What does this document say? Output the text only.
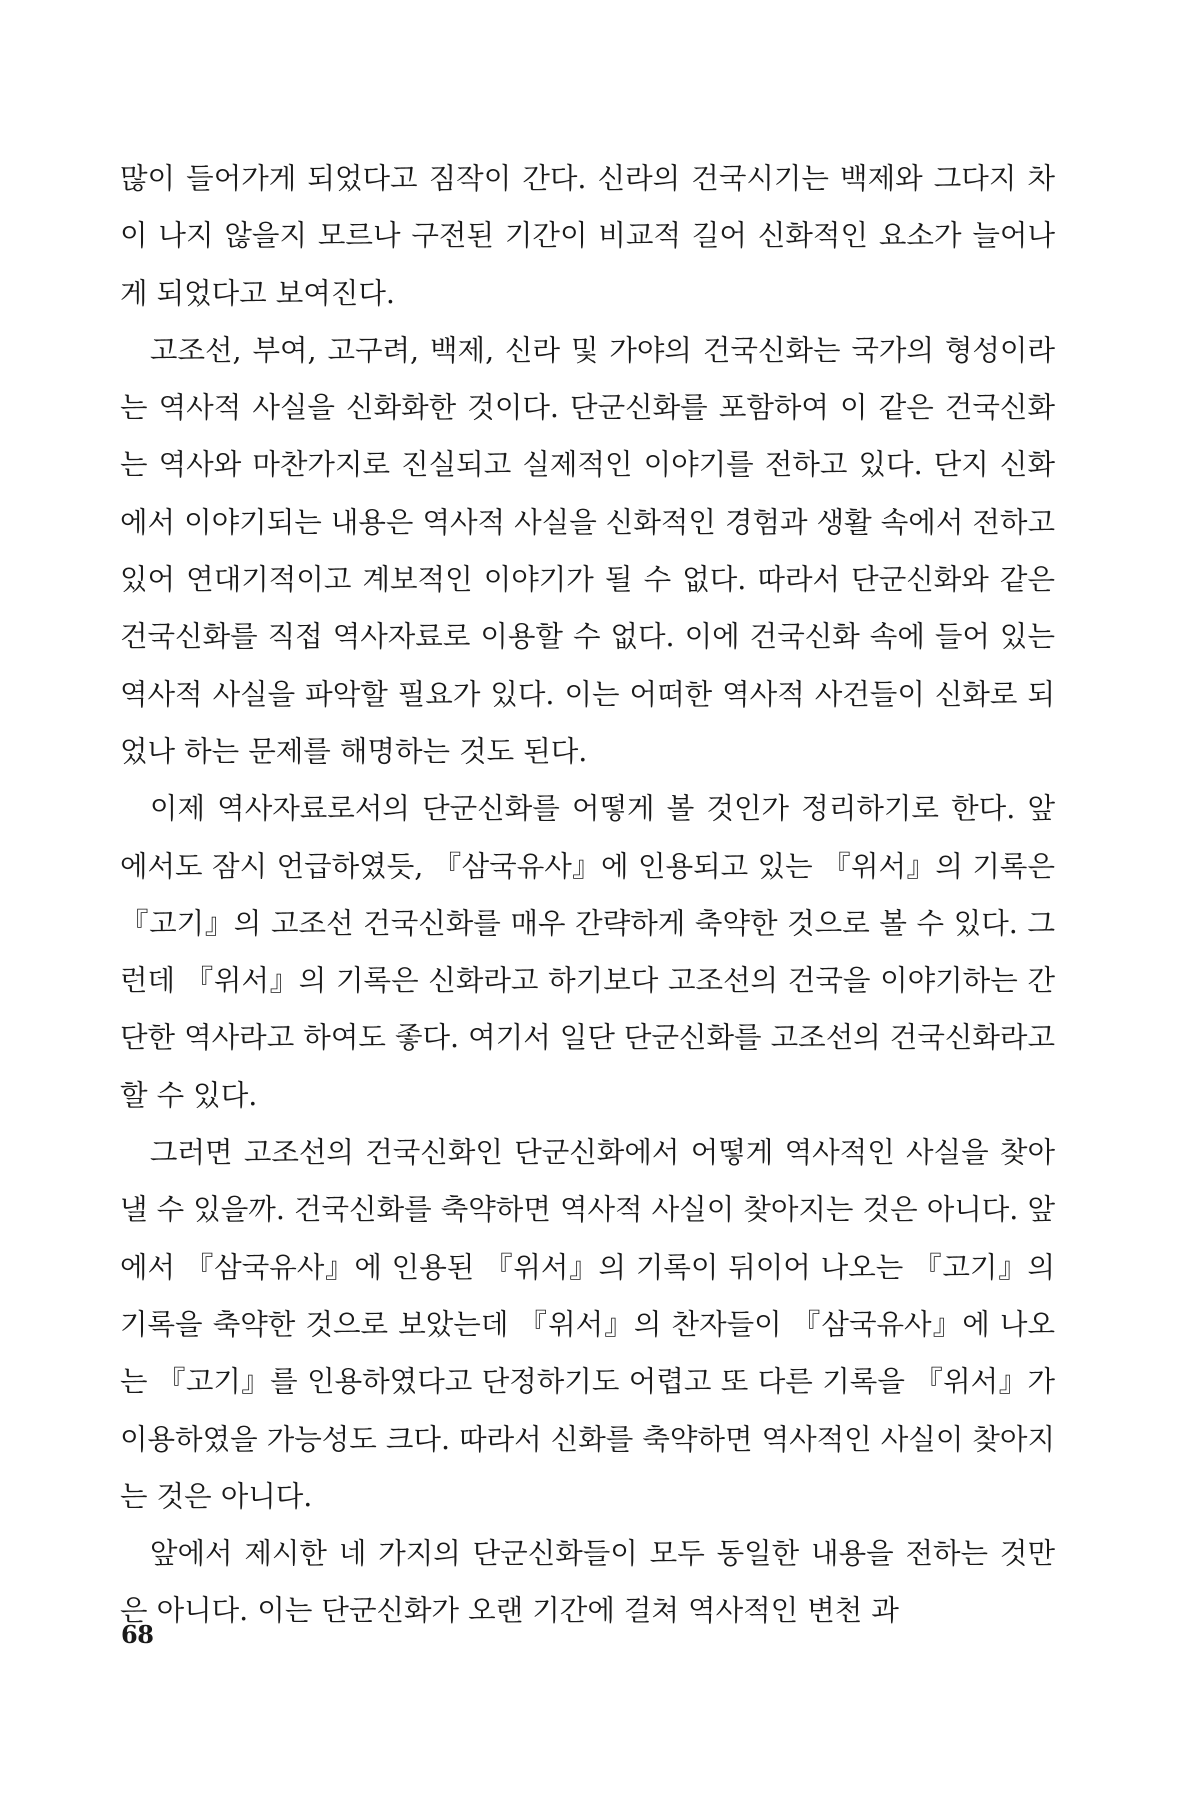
많이 들어가게 되었다고 짐작이 간다. 신라의 건국시기는 백제와 그다지 차이 나지 않을지 모르나 구전된 기간이 비교적 길어 신화적인 요소가 늘어나게 되었다고 보여진다.

고조선, 부여, 고구려, 백제, 신라 및 가야의 건국신화는 국가의 형성이라는 역사적 사실을 신화화한 것이다. 단군신화를 포함하여 이 같은 건국신화는 역사와 마찬가지로 진실되고 실제적인 이야기를 전하고 있다. 단지 신화에서 이야기되는 내용은 역사적 사실을 신화적인 경험과 생활 속에서 전하고 있어 연대기적이고 계보적인 이야기가 될 수 없다. 따라서 단군신화와 같은 건국신화를 직접 역사자료로 이용할 수 없다. 이에 건국신화 속에 들어 있는 역사적 사실을 파악할 필요가 있다. 이는 어떠한 역사적 사건들이 신화로 되었나 하는 문제를 해명하는 것도 된다.

이제 역사자료로서의 단군신화를 어떻게 볼 것인가 정리하기로 한다. 앞에서도 잠시 언급하였듯, 『삼국유사』에 인용되고 있는 『위서』의 기록은 『고기』의 고조선 건국신화를 매우 간략하게 축약한 것으로 볼 수 있다. 그런데 『위서』의 기록은 신화라고 하기보다 고조선의 건국을 이야기하는 간단한 역사라고 하여도 좋다. 여기서 일단 단군신화를 고조선의 건국신화라고 할 수 있다.

그러면 고조선의 건국신화인 단군신화에서 어떻게 역사적인 사실을 찾아 낼 수 있을까. 건국신화를 축약하면 역사적 사실이 찾아지는 것은 아니다. 앞에서 『삼국유사』에 인용된 『위서』의 기록이 뒤이어 나오는 『고기』의 기록을 축약한 것으로 보았는데 『위서』의 찬자들이 『삼국유사』에 나오는 『고기』를 인용하였다고 단정하기도 어렵고 또 다른 기록을 『위서』가 이용하였을 가능성도 크다. 따라서 신화를 축약하면 역사적인 사실이 찾아지는 것은 아니다.

앞에서 제시한 네 가지의 단군신화들이 모두 동일한 내용을 전하는 것만은 아니다. 이는 단군신화가 오랜 기간에 걸쳐 역사적인 변천 과

68
